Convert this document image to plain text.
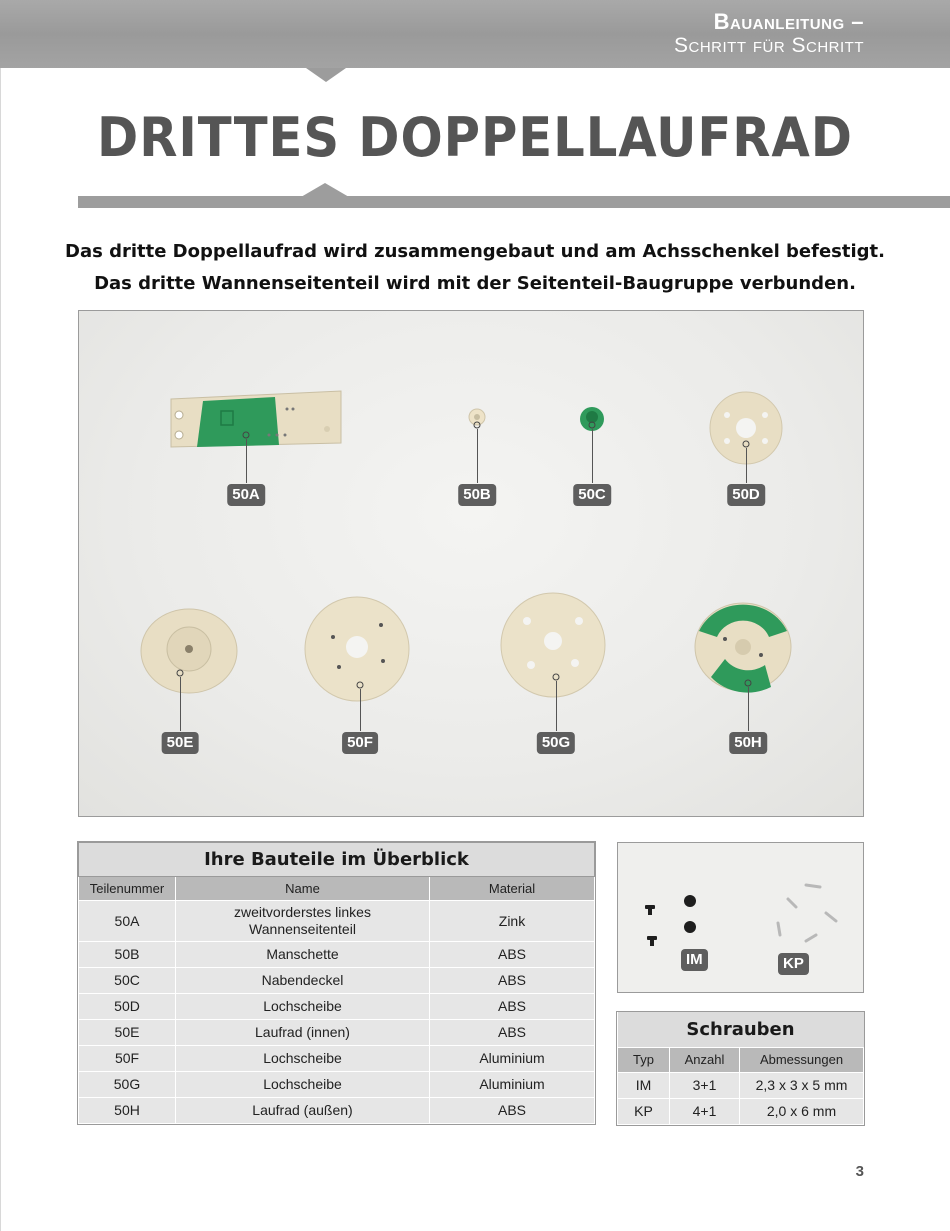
Bauanleitung –
Schritt für Schritt
DRITTES DOPPELLAUFRAD
Das dritte Doppellaufrad wird zusammengebaut und am Achsschenkel befestigt.
Das dritte Wannenseitenteil wird mit der Seitenteil-Baugruppe verbunden.
50A	50B	50C	50D
50E	50F	50G	50H
Ihre Bauteile im Überblick		
Teilenummer	Name	Material
50A	zweitvorderstes linkes Wannenseitenteil	Zink
50B	Manschette	ABS
50C	Nabendeckel	ABS
50D	Lochscheibe	ABS
50E	Laufrad (innen)	ABS
50F	Lochscheibe	Aluminium
50G	Lochscheibe	Aluminium
50H	Laufrad (außen)	ABS
IM	KP
Schrauben		
Typ	Anzahl	Abmessungen
IM	3+1	2,3 x 3 x 5 mm
KP	4+1	2,0 x 6 mm
3
